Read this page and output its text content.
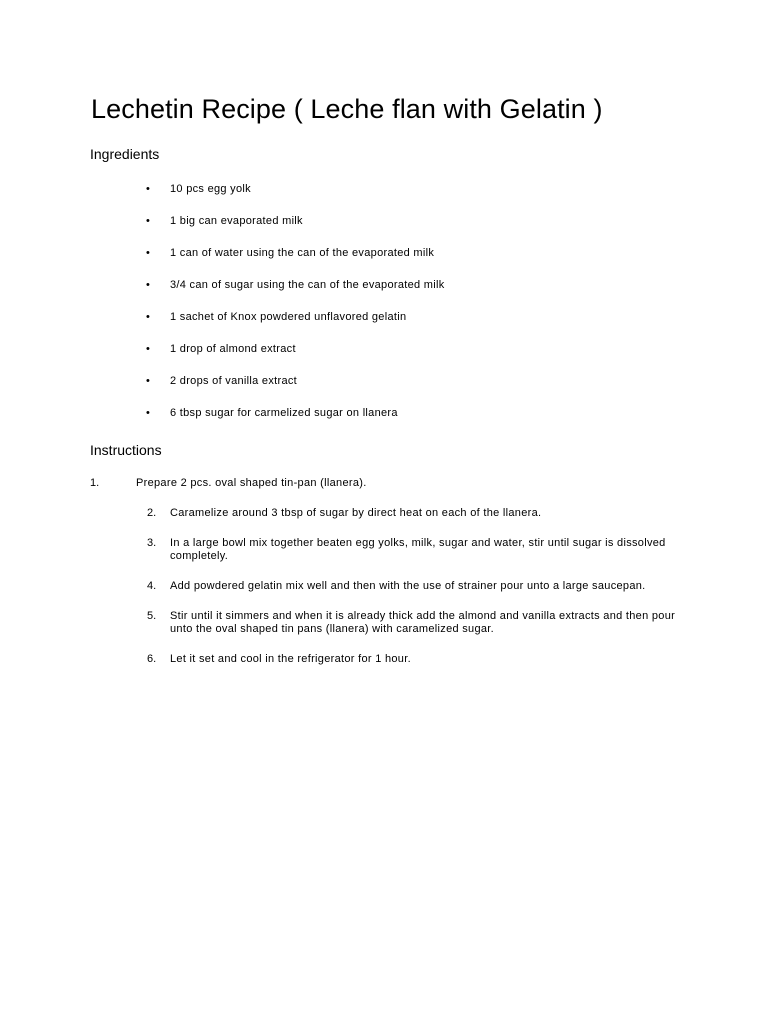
Lechetin Recipe ( Leche flan with Gelatin )
Ingredients
• 10 pcs egg yolk
• 1 big can evaporated milk
• 1 can of water using the can of the evaporated milk
• 3/4 can of sugar using the can of the evaporated milk
• 1 sachet of Knox powdered unflavored gelatin
• 1 drop of almond extract
• 2 drops of vanilla extract
• 6 tbsp sugar for carmelized sugar on llanera
Instructions
1.	Prepare 2 pcs. oval shaped tin-pan (llanera).
2. Caramelize around 3 tbsp of sugar by direct heat on each of the llanera.
3. In a large bowl mix together beaten egg yolks, milk, sugar and water, stir until sugar is dissolved completely.
4. Add powdered gelatin mix well and then with the use of strainer pour unto a large saucepan.
5. Stir until it simmers and when it is already thick add the almond and vanilla extracts and then pour unto the oval shaped tin pans (llanera) with caramelized sugar.
6. Let it set and cool in the refrigerator for 1 hour.
